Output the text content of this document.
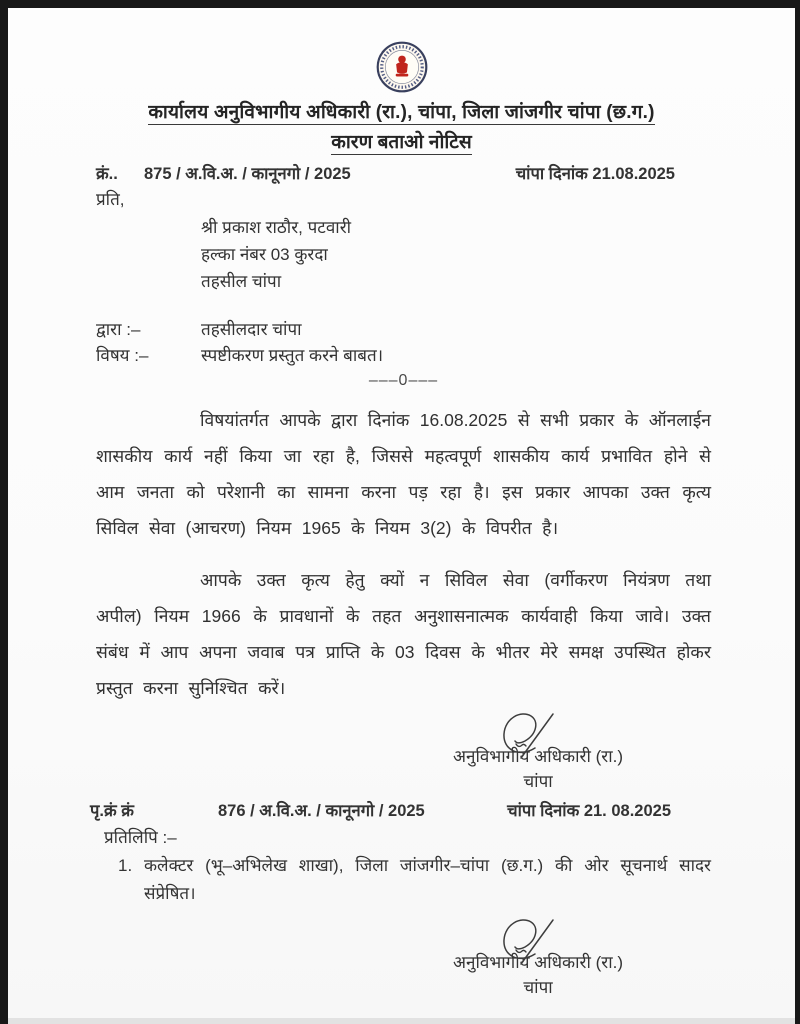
कार्यालय अनुविभागीय अधिकारी (रा.), चांपा, जिला जांजगीर चांपा (छ.ग.)
कारण बताओ नोटिस
क्रं..	875 / अ.वि.अ. / कानूनगो / 2025	चांपा दिनांक 21.08.2025
प्रति,
श्री प्रकाश राठौर, पटवारी
हल्का नंबर 03 कुरदा
तहसील चांपा
द्वारा :–	तहसीलदार चांपा
विषय :–	स्पष्टीकरण प्रस्तुत करने बाबत।
–––0–––

विषयांतर्गत आपके द्वारा दिनांक 16.08.2025 से सभी प्रकार के ऑनलाईन शासकीय कार्य नहीं किया जा रहा है, जिससे महत्वपूर्ण शासकीय कार्य प्रभावित होने से आम जनता को परेशानी का सामना करना पड़ रहा है। इस प्रकार आपका उक्त कृत्य सिविल सेवा (आचरण) नियम 1965 के नियम 3(2) के विपरीत है।

आपके उक्त कृत्य हेतु क्यों न सिविल सेवा (वर्गीकरण नियंत्रण तथा अपील) नियम 1966 के प्रावधानों के तहत अनुशासनात्मक कार्यवाही किया जावे। उक्त संबंध में आप अपना जवाब पत्र प्राप्ति के 03 दिवस के भीतर मेरे समक्ष उपस्थित होकर प्रस्तुत करना सुनिश्चित करें।

अनुविभागीय अधिकारी (रा.)
चांपा
पृ.क्रं क्रं	876 / अ.वि.अ. / कानूनगो / 2025	चांपा दिनांक 21. 08.2025
प्रतिलिपि :–
1. कलेक्टर (भू–अभिलेख शाखा), जिला जांजगीर–चांपा (छ.ग.) की ओर सूचनार्थ सादर संप्रेषित।
अनुविभागीय अधिकारी (रा.)
चांपा
